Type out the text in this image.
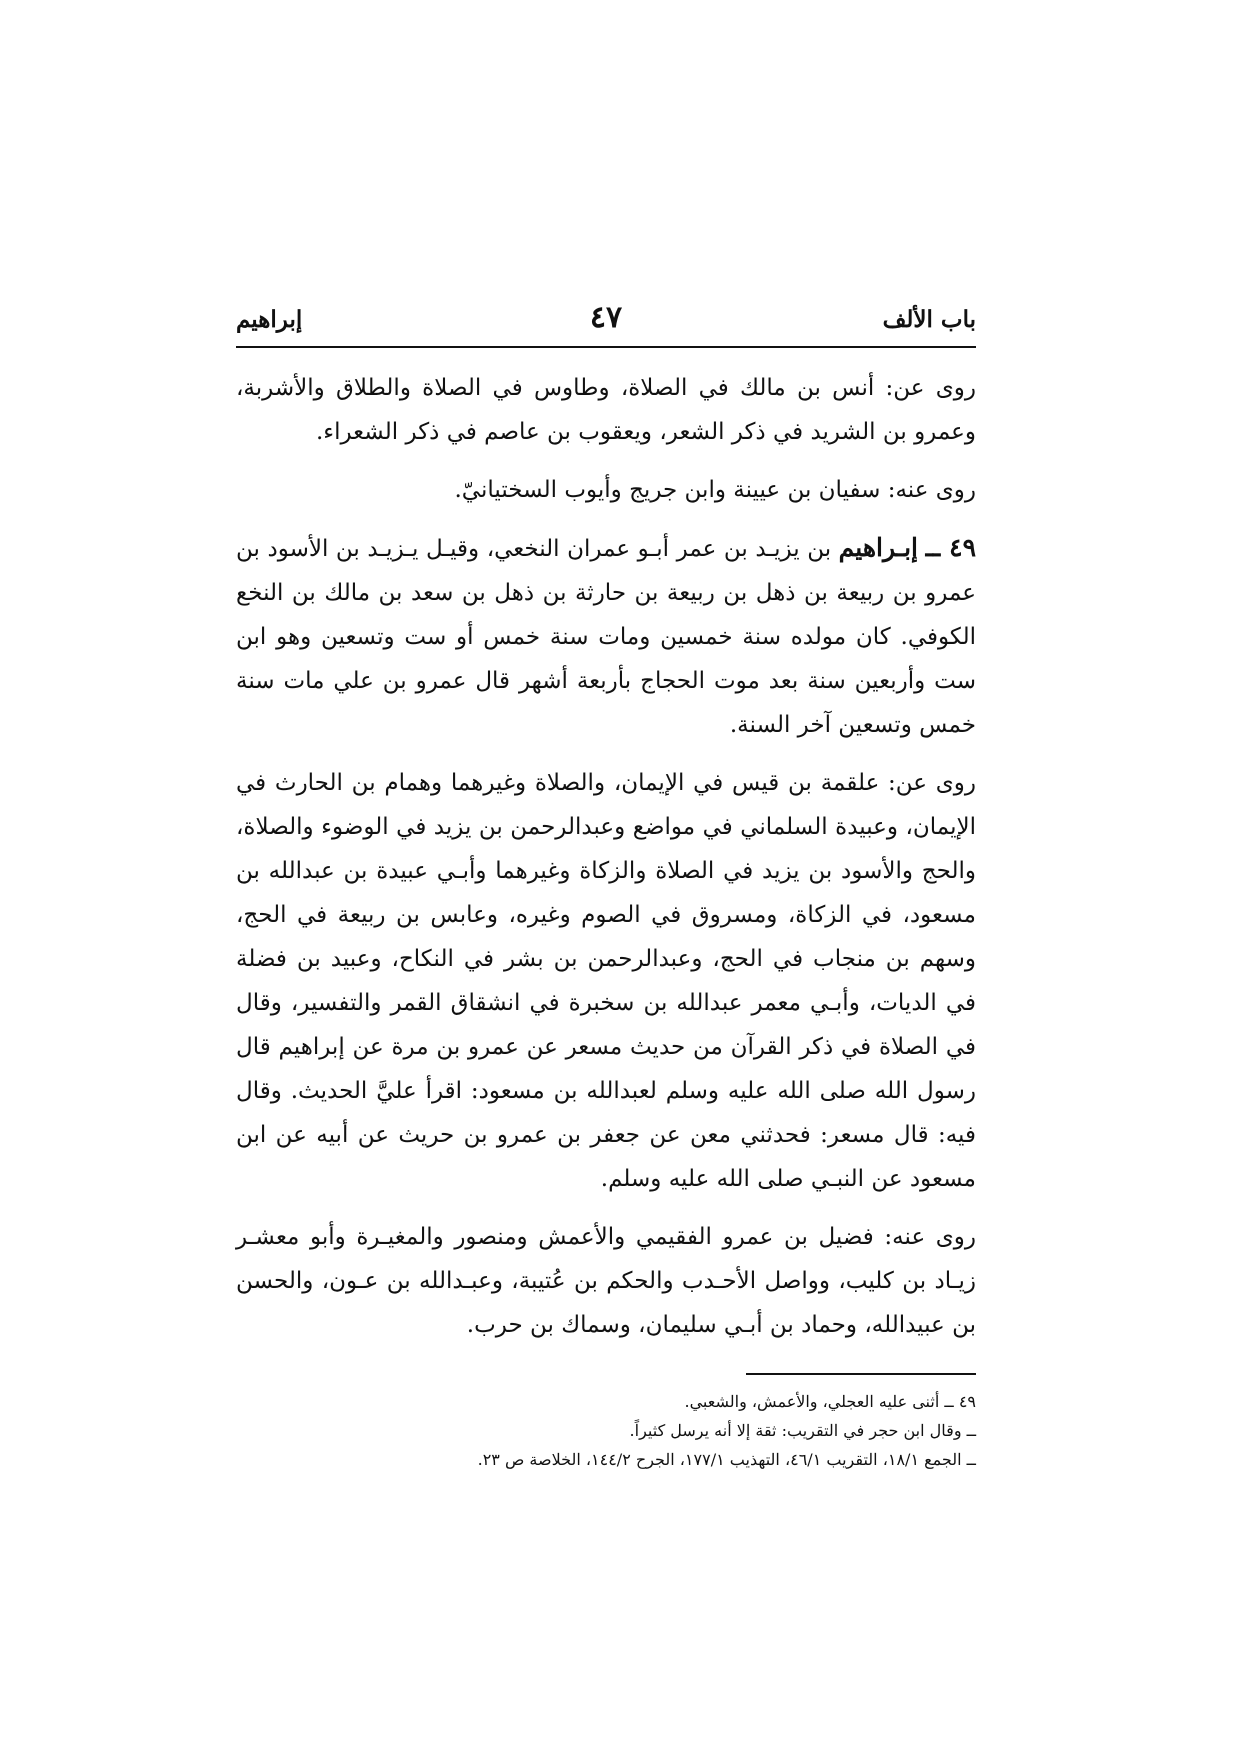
باب الألف
٤٧
إبراهيم

روى عن: أنس بن مالك في الصلاة، وطاوس في الصلاة والطلاق والأشربة، وعمرو بن الشريد في ذكر الشعر، ويعقوب بن عاصم في ذكر الشعراء.

روى عنه: سفيان بن عيينة وابن جريج وأيوب السختيانيّ.

٤٩ ــ إبـراهيم بن يزيـد بن عمر أبـو عمران النخعي، وقيـل يـزيـد بن الأسود بن عمرو بن ربيعة بن ذهل بن ربيعة بن حارثة بن ذهل بن سعد بن مالك بن النخع الكوفي. كان مولده سنة خمسين ومات سنة خمس أو ست وتسعين وهو ابن ست وأربعين سنة بعد موت الحجاج بأربعة أشهر قال عمرو بن علي مات سنة خمس وتسعين آخر السنة.

روى عن: علقمة بن قيس في الإيمان، والصلاة وغيرهما وهمام بن الحارث في الإيمان، وعبيدة السلماني في مواضع وعبدالرحمن بن يزيد في الوضوء والصلاة، والحج والأسود بن يزيد في الصلاة والزكاة وغيرهما وأبـي عبيدة بن عبدالله بن مسعود، في الزكاة، ومسروق في الصوم وغيره، وعابس بن ربيعة في الحج، وسهم بن منجاب في الحج، وعبدالرحمن بن بشر في النكاح، وعبيد بن فضلة في الديات، وأبـي معمر عبدالله بن سخبرة في انشقاق القمر والتفسير، وقال في الصلاة في ذكر القرآن من حديث مسعر عن عمرو بن مرة عن إبراهيم قال رسول الله صلى الله عليه وسلم لعبدالله بن مسعود: اقرأ عليَّ الحديث. وقال فيه: قال مسعر: فحدثني معن عن جعفر بن عمرو بن حريث عن أبيه عن ابن مسعود عن النبـي صلى الله عليه وسلم.

روى عنه: فضيل بن عمرو الفقيمي والأعمش ومنصور والمغيـرة وأبو معشـر زيـاد بن كليب، وواصل الأحـدب والحكم بن عُتيبة، وعبـدالله بن عـون، والحسن بن عبيدالله، وحماد بن أبـي سليمان، وسماك بن حرب.

٤٩ ــ أثنى عليه العجلي، والأعمش، والشعبي.

ــ وقال ابن حجر في التقريب: ثقة إلا أنه يرسل كثيراً.

ــ الجمع ١٨/١، التقريب ٤٦/١، التهذيب ١٧٧/١، الجرح ١٤٤/٢، الخلاصة ص ٢٣.
